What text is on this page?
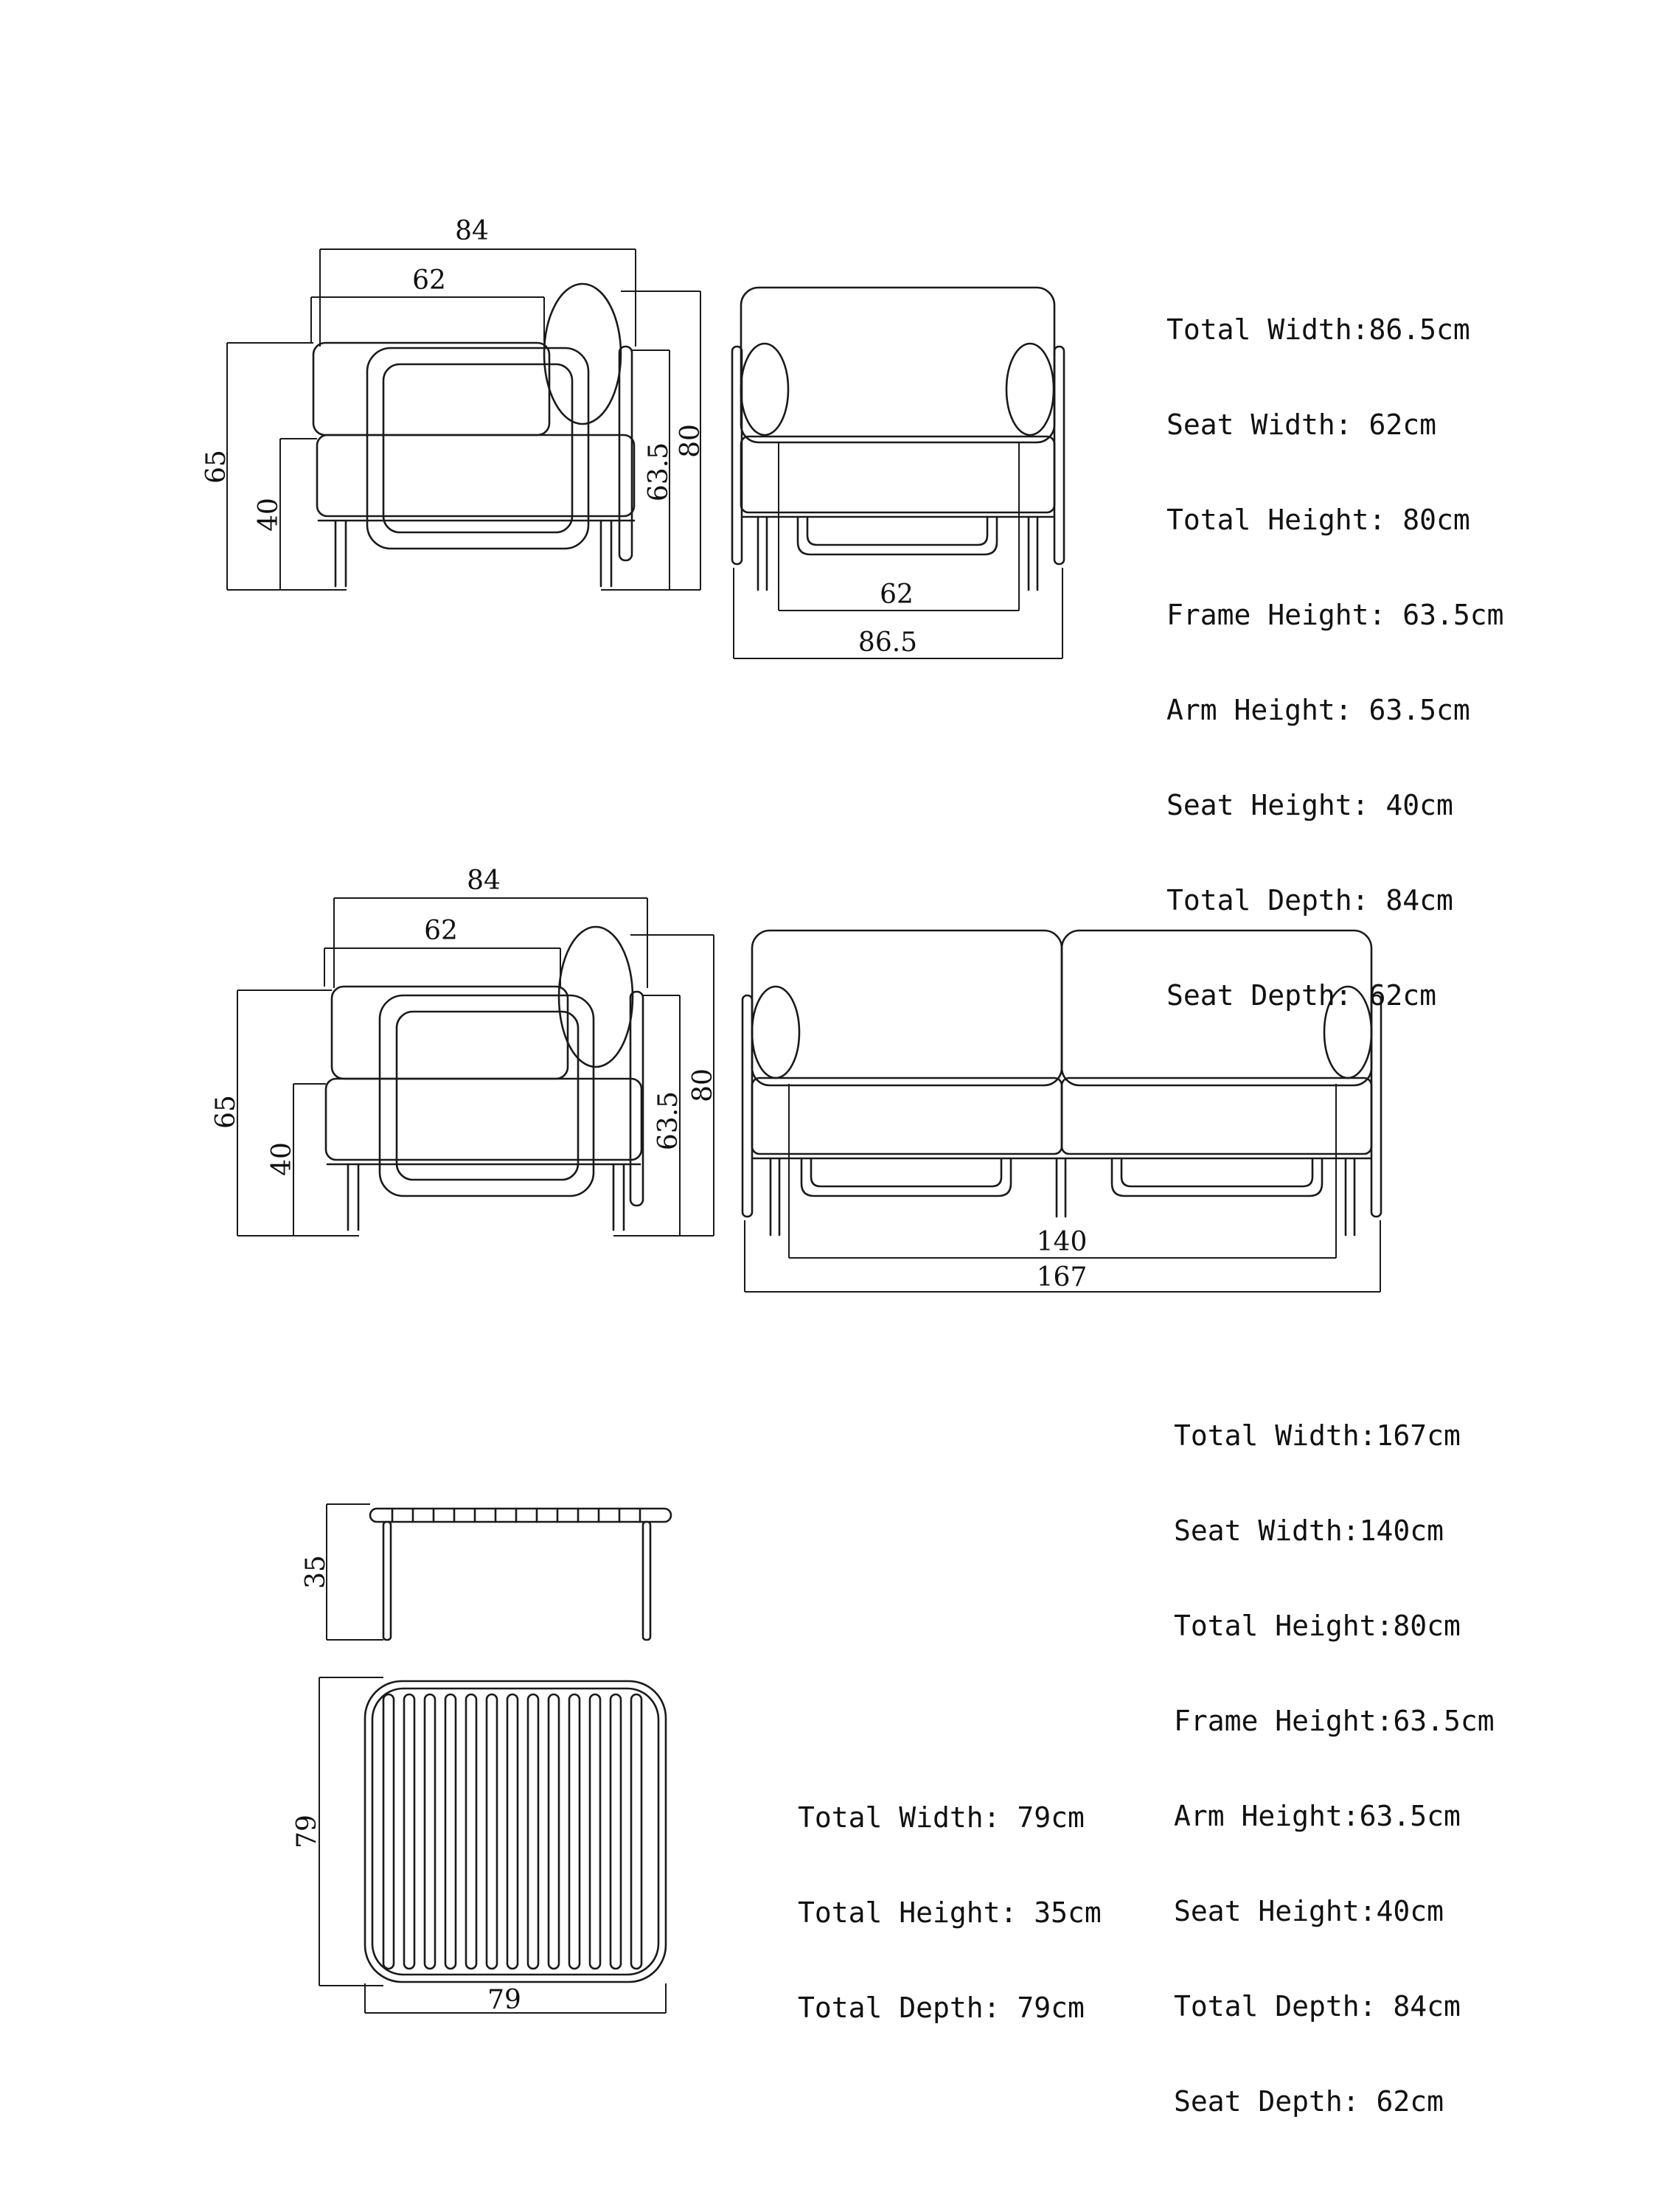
84
62
65
40
63.5
80
62
86.5
84
62
65
40
63.5
80
140
167
35
79
79

Total Width:86.5cm

Seat Width: 62cm

Total Height: 80cm

Frame Height: 63.5cm

Arm Height: 63.5cm

Seat Height: 40cm

Total Depth: 84cm

Seat Depth: 62cm

Total Width:167cm

Seat Width:140cm

Total Height:80cm

Frame Height:63.5cm

Arm Height:63.5cm

Seat Height:40cm

Total Depth: 84cm

Seat Depth: 62cm

Total Width: 79cm

Total Height: 35cm

Total Depth: 79cm
